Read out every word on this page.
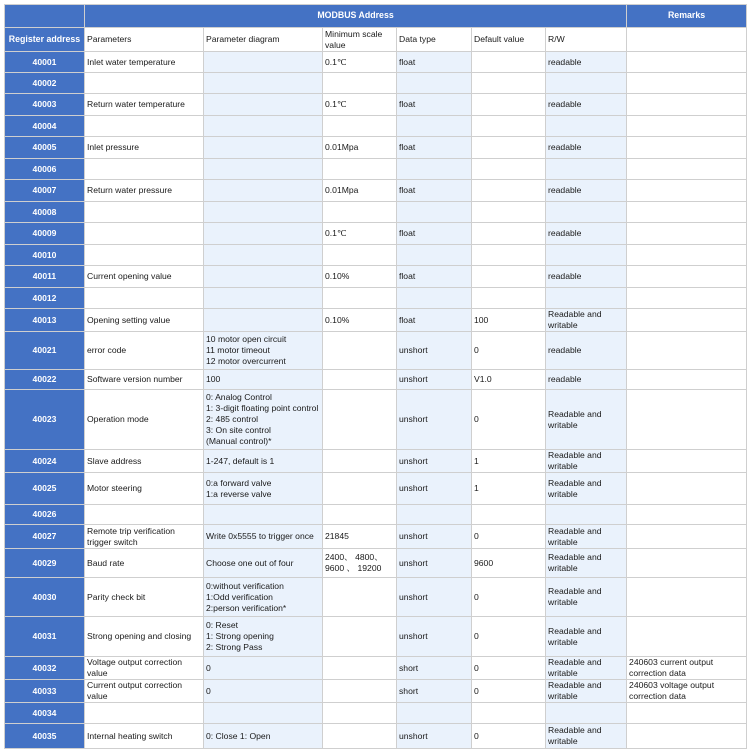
	MODBUS Address						Remarks
Register address	Parameters	Parameter diagram	Minimum scale value	Data type	Default value	R/W	
40001	Inlet water temperature		0.1℃	float		readable	
40002							
40003	Return water temperature		0.1℃	float		readable	
40004							
40005	Inlet pressure		0.01Mpa	float		readable	
40006							
40007	Return water pressure		0.01Mpa	float		readable	
40008							
40009			0.1℃	float		readable	
40010							
40011	Current opening value		0.10%	float		readable	
40012							
40013	Opening setting value		0.10%	float	100	Readable and writable	
40021	error code	10 motor open circuit
11 motor timeout
12 motor overcurrent		unshort	0	readable	
40022	Software version number	100		unshort	V1.0	readable	
40023	Operation mode	0: Analog Control
1: 3-digit floating point control
2: 485 control
3: On site control
(Manual control)*		unshort	0	Readable and writable	
40024	Slave address	1-247, default is 1		unshort	1	Readable and writable	
40025	Motor steering	0:a forward valve
1:a reverse valve		unshort	1	Readable and writable	
40026							
40027	Remote trip verification trigger switch	Write 0x5555 to trigger once	21845	unshort	0	Readable and writable	
40029	Baud rate	Choose one out of four	2400、 4800、 9600 、 19200	unshort	9600	Readable and writable	
40030	Parity check bit	0:without verification
1:Odd verification
2:person verification*		unshort	0	Readable and writable	
40031	Strong opening and closing	0: Reset
1: Strong opening
2: Strong Pass		unshort	0	Readable and writable	
40032	Voltage output correction value	0		short	0	Readable and writable	240603 current output correction data
40033	Current output correction value	0		short	0	Readable and writable	240603 voltage output correction data
40034							
40035	Internal heating switch	0: Close 1: Open		unshort	0	Readable and writable	
